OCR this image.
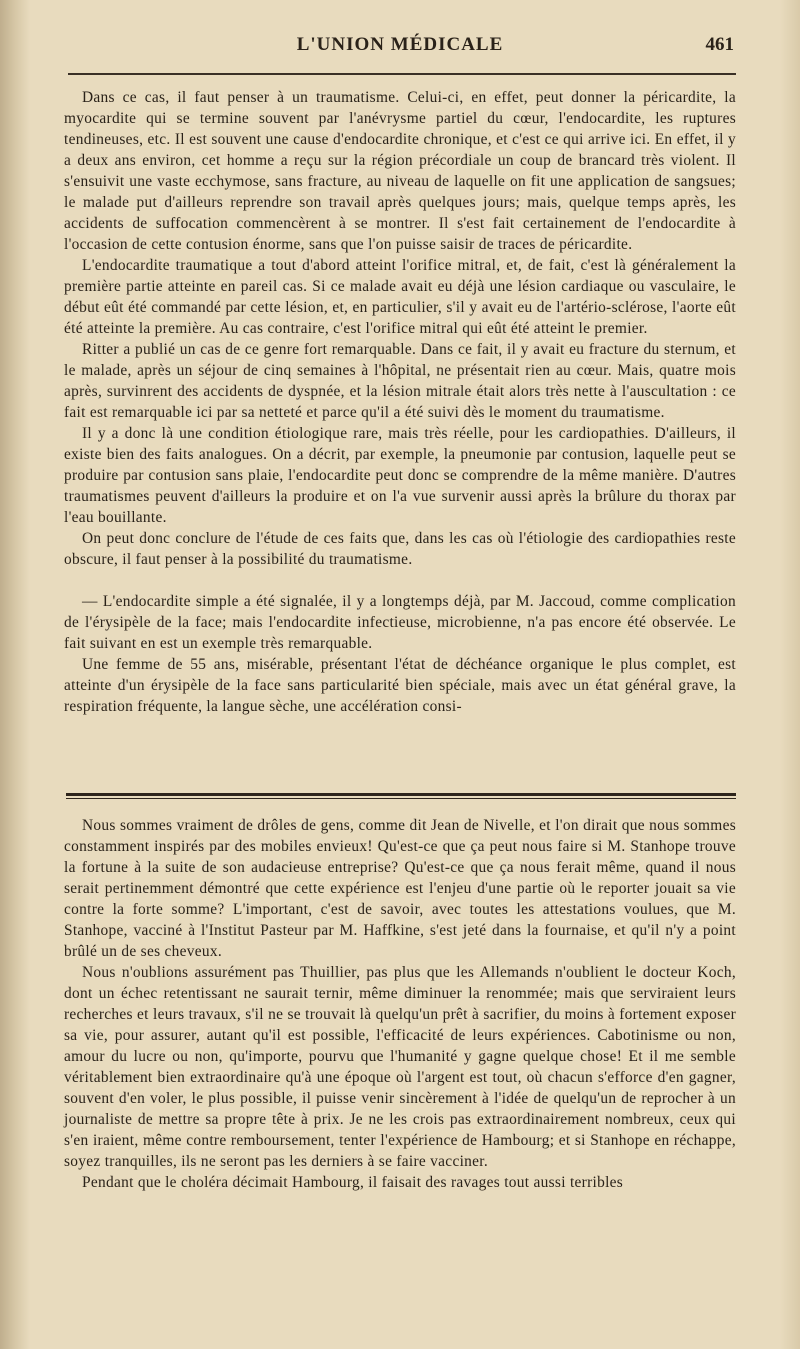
L'UNION MÉDICALE	461

Dans ce cas, il faut penser à un traumatisme. Celui-ci, en effet, peut donner la péricardite, la myocardite qui se termine souvent par l'anévrysme partiel du cœur, l'endocardite, les ruptures tendineuses, etc. Il est souvent une cause d'endocardite chronique, et c'est ce qui arrive ici. En effet, il y a deux ans environ, cet homme a reçu sur la région précordiale un coup de brancard très violent. Il s'ensuivit une vaste ecchymose, sans fracture, au niveau de laquelle on fit une application de sangsues; le malade put d'ailleurs reprendre son travail après quelques jours; mais, quelque temps après, les accidents de suffocation commencèrent à se montrer. Il s'est fait certainement de l'endocardite à l'occasion de cette contusion énorme, sans que l'on puisse saisir de traces de péricardite.

L'endocardite traumatique a tout d'abord atteint l'orifice mitral, et, de fait, c'est là généralement la première partie atteinte en pareil cas. Si ce malade avait eu déjà une lésion cardiaque ou vasculaire, le début eût été commandé par cette lésion, et, en particulier, s'il y avait eu de l'artério-sclérose, l'aorte eût été atteinte la première. Au cas contraire, c'est l'orifice mitral qui eût été atteint le premier.

Ritter a publié un cas de ce genre fort remarquable. Dans ce fait, il y avait eu fracture du sternum, et le malade, après un séjour de cinq semaines à l'hôpital, ne présentait rien au cœur. Mais, quatre mois après, survinrent des accidents de dyspnée, et la lésion mitrale était alors très nette à l'auscultation : ce fait est remarquable ici par sa netteté et parce qu'il a été suivi dès le moment du traumatisme.

Il y a donc là une condition étiologique rare, mais très réelle, pour les cardiopathies. D'ailleurs, il existe bien des faits analogues. On a décrit, par exemple, la pneumonie par contusion, laquelle peut se produire par contusion sans plaie, l'endocardite peut donc se comprendre de la même manière. D'autres traumatismes peuvent d'ailleurs la produire et on l'a vue survenir aussi après la brûlure du thorax par l'eau bouillante.

On peut donc conclure de l'étude de ces faits que, dans les cas où l'étiologie des cardiopathies reste obscure, il faut penser à la possibilité du traumatisme.

— L'endocardite simple a été signalée, il y a longtemps déjà, par M. Jaccoud, comme complication de l'érysipèle de la face; mais l'endocardite infectieuse, microbienne, n'a pas encore été observée. Le fait suivant en est un exemple très remarquable.

Une femme de 55 ans, misérable, présentant l'état de déchéance organique le plus complet, est atteinte d'un érysipèle de la face sans particularité bien spéciale, mais avec un état général grave, la respiration fréquente, la langue sèche, une accélération consi-

Nous sommes vraiment de drôles de gens, comme dit Jean de Nivelle, et l'on dirait que nous sommes constamment inspirés par des mobiles envieux! Qu'est-ce que ça peut nous faire si M. Stanhope trouve la fortune à la suite de son audacieuse entreprise? Qu'est-ce que ça nous ferait même, quand il nous serait pertinemment démontré que cette expérience est l'enjeu d'une partie où le reporter jouait sa vie contre la forte somme? L'important, c'est de savoir, avec toutes les attestations voulues, que M. Stanhope, vacciné à l'Institut Pasteur par M. Haffkine, s'est jeté dans la fournaise, et qu'il n'y a point brûlé un de ses cheveux.

Nous n'oublions assurément pas Thuillier, pas plus que les Allemands n'oublient le docteur Koch, dont un échec retentissant ne saurait ternir, même diminuer la renommée; mais que serviraient leurs recherches et leurs travaux, s'il ne se trouvait là quelqu'un prêt à sacrifier, du moins à fortement exposer sa vie, pour assurer, autant qu'il est possible, l'efficacité de leurs expériences. Cabotinisme ou non, amour du lucre ou non, qu'importe, pourvu que l'humanité y gagne quelque chose! Et il me semble véritablement bien extraordinaire qu'à une époque où l'argent est tout, où chacun s'efforce d'en gagner, souvent d'en voler, le plus possible, il puisse venir sincèrement à l'idée de quelqu'un de reprocher à un journaliste de mettre sa propre tête à prix. Je ne les crois pas extraordinairement nombreux, ceux qui s'en iraient, même contre remboursement, tenter l'expérience de Hambourg; et si Stanhope en réchappe, soyez tranquilles, ils ne seront pas les derniers à se faire vacciner.

Pendant que le choléra décimait Hambourg, il faisait des ravages tout aussi terribles
